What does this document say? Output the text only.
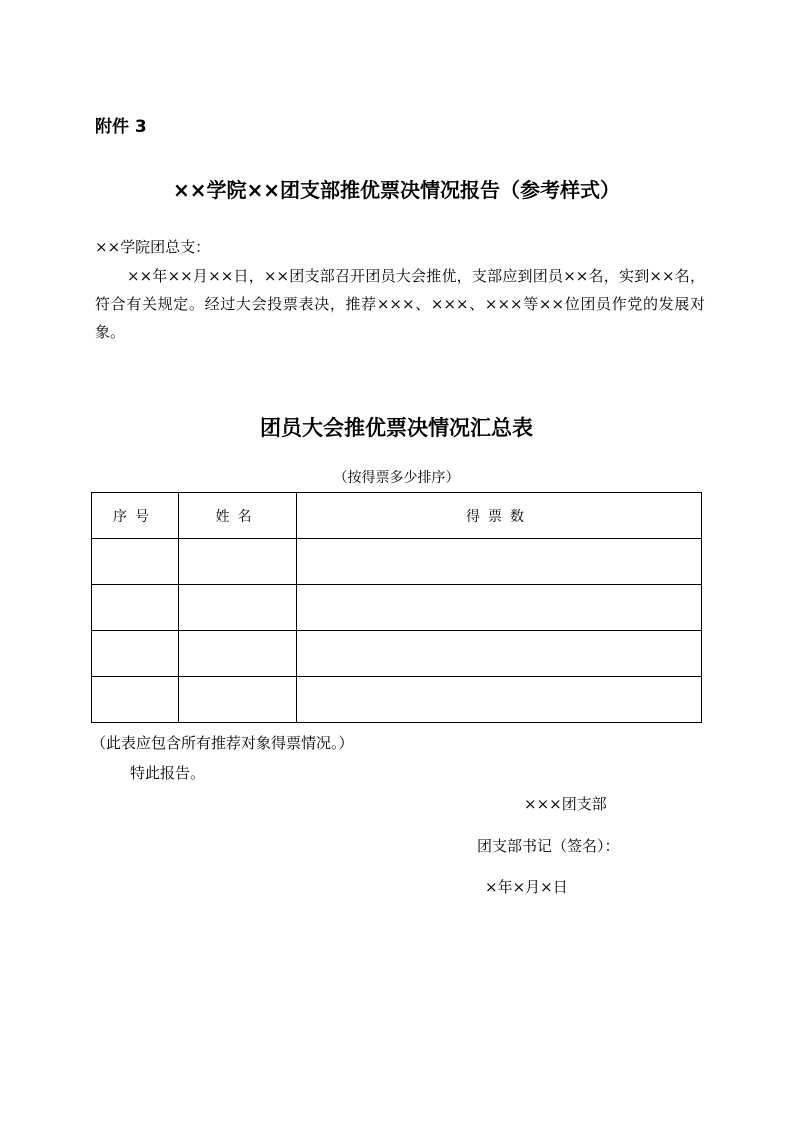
附件 3
××学院××团支部推优票决情况报告（参考样式）
××学院团总支：

××年××月××日，××团支部召开团员大会推优，支部应到团员××名，实到××名，符合有关规定。经过大会投票表决，推荐×××、×××、×××等××位团员作党的发展对象。

团员大会推优票决情况汇总表
（按得票多少排序）
序号	姓名	得票数

（此表应包含所有推荐对象得票情况。）
特此报告。
×××团支部
团支部书记（签名）：
×年×月×日
